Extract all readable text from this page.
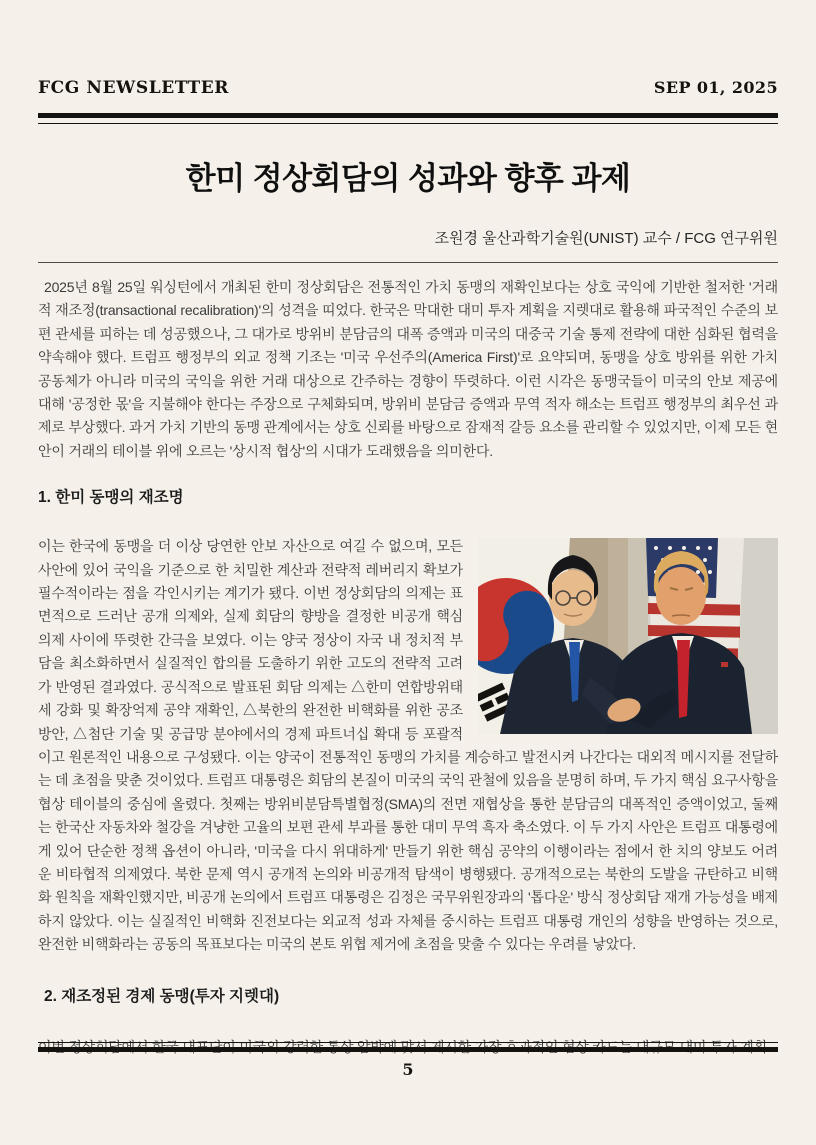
FCG NEWSLETTER	SEP 01, 2025
한미 정상회담의 성과와 향후 과제
조원경 울산과학기술원(UNIST) 교수 / FCG 연구위원

2025년 8월 25일 워싱턴에서 개최된 한미 정상회담은 전통적인 가치 동맹의 재확인보다는 상호 국익에 기반한 철저한 '거래적 재조정(transactional recalibration)'의 성격을 띠었다. 한국은 막대한 대미 투자 계획을 지렛대로 활용해 파국적인 수준의 보편 관세를 피하는 데 성공했으나, 그 대가로 방위비 분담금의 대폭 증액과 미국의 대중국 기술 통제 전략에 대한 심화된 협력을 약속해야 했다. 트럼프 행정부의 외교 정책 기조는 '미국 우선주의(America First)'로 요약되며, 동맹을 상호 방위를 위한 가치 공동체가 아니라 미국의 국익을 위한 거래 대상으로 간주하는 경향이 뚜렷하다. 이런 시각은 동맹국들이 미국의 안보 제공에 대해 '공정한 몫'을 지불해야 한다는 주장으로 구체화되며, 방위비 분담금 증액과 무역 적자 해소는 트럼프 행정부의 최우선 과제로 부상했다. 과거 가치 기반의 동맹 관계에서는 상호 신뢰를 바탕으로 잠재적 갈등 요소를 관리할 수 있었지만, 이제 모든 현안이 거래의 테이블 위에 오르는 '상시적 협상'의 시대가 도래했음을 의미한다.

1. 한미 동맹의 재조명
이는 한국에 동맹을 더 이상 당연한 안보 자산으로 여길 수 없으며, 모든 사안에 있어 국익을 기준으로 한 치밀한 계산과 전략적 레버리지 확보가 필수적이라는 점을 각인시키는 계기가 됐다. 이번 정상회담의 의제는 표면적으로 드러난 공개 의제와, 실제 회담의 향방을 결정한 비공개 핵심 의제 사이에 뚜렷한 간극을 보였다. 이는 양국 정상이 자국 내 정치적 부담을 최소화하면서 실질적인 합의를 도출하기 위한 고도의 전략적 고려가 반영된 결과였다. 공식적으로 발표된 회담 의제는 △한미 연합방위태세 강화 및 확장억제 공약 재확인, △북한의 완전한 비핵화를 위한 공조 방안, △첨단 기술 및 공급망 분야에서의 경제 파트너십 확대 등 포괄적이고 원론적인 내용으로 구성됐다. 이는 양국이 전통적인 동맹의 가치를 계승하고 발전시켜 나간다는 대외적 메시지를 전달하는 데 초점을 맞춘 것이었다. 트럼프 대통령은 회담의 본질이 미국의 국익 관철에 있음을 분명히 하며, 두 가지 핵심 요구사항을 협상 테이블의 중심에 올렸다. 첫째는 방위비분담특별협정(SMA)의 전면 재협상을 통한 분담금의 대폭적인 증액이었고, 둘째는 한국산 자동차와 철강을 겨냥한 고율의 보편 관세 부과를 통한 대미 무역 흑자 축소였다. 이 두 가지 사안은 트럼프 대통령에게 있어 단순한 정책 옵션이 아니라, '미국을 다시 위대하게' 만들기 위한 핵심 공약의 이행이라는 점에서 한 치의 양보도 어려운 비타협적 의제였다. 북한 문제 역시 공개적 논의와 비공개적 탐색이 병행됐다. 공개적으로는 북한의 도발을 규탄하고 비핵화 원칙을 재확인했지만, 비공개 논의에서 트럼프 대통령은 김정은 국무위원장과의 '톱다운' 방식 정상회담 재개 가능성을 배제하지 않았다. 이는 실질적인 비핵화 진전보다는 외교적 성과 자체를 중시하는 트럼프 대통령 개인의 성향을 반영하는 것으로, 완전한 비핵화라는 공동의 목표보다는 미국의 본토 위협 제거에 초점을 맞출 수 있다는 우려를 낳았다.
2. 재조정된 경제 동맹(투자 지렛대)

5
